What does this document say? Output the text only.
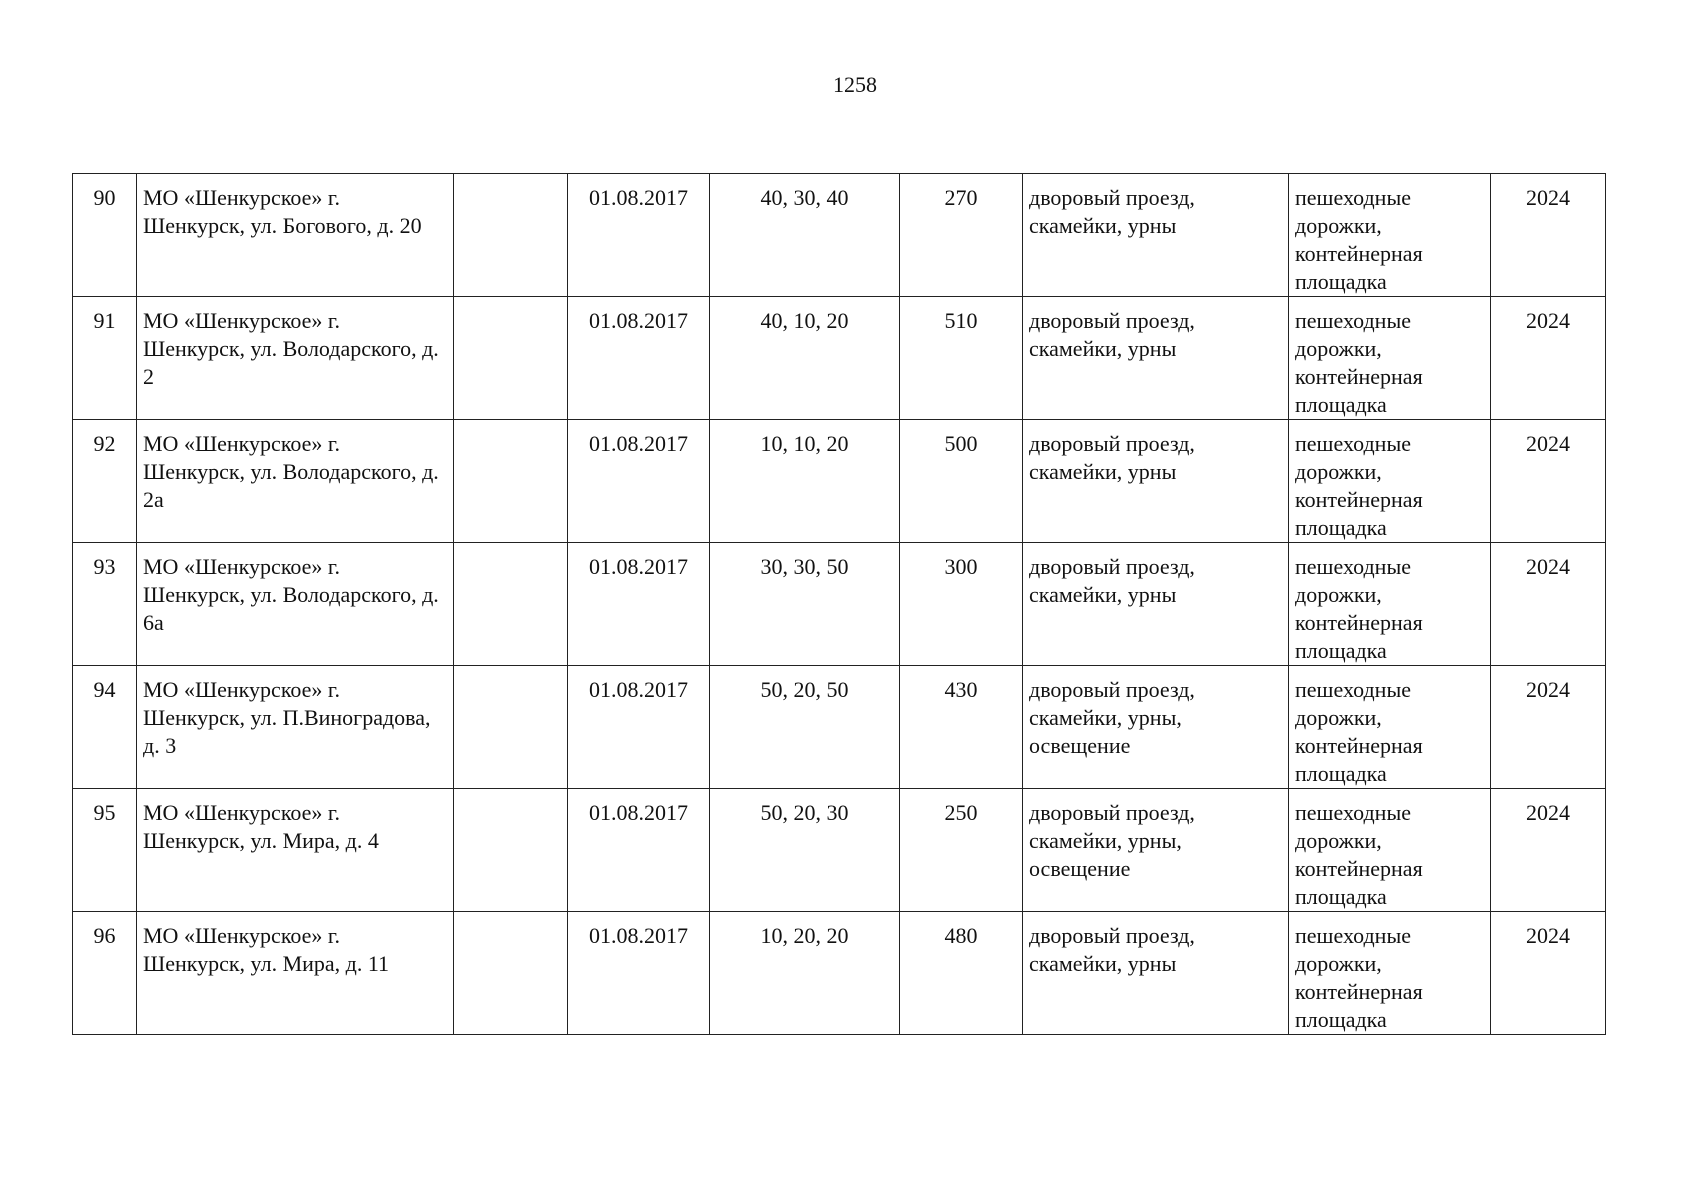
1258
90	МО «Шенкурское» г. Шенкурск, ул. Богового, д. 20		01.08.2017	40, 30, 40	270	дворовый проезд, скамейки, урны	пешеходные дорожки, контейнерная площадка	2024
91	МО «Шенкурское» г. Шенкурск, ул. Володарского, д. 2		01.08.2017	40, 10, 20	510	дворовый проезд, скамейки, урны	пешеходные дорожки, контейнерная площадка	2024
92	МО «Шенкурское» г. Шенкурск, ул. Володарского, д. 2а		01.08.2017	10, 10, 20	500	дворовый проезд, скамейки, урны	пешеходные дорожки, контейнерная площадка	2024
93	МО «Шенкурское» г. Шенкурск, ул. Володарского, д. 6а		01.08.2017	30, 30, 50	300	дворовый проезд, скамейки, урны	пешеходные дорожки, контейнерная площадка	2024
94	МО «Шенкурское» г. Шенкурск, ул. П.Виноградова, д. 3		01.08.2017	50, 20, 50	430	дворовый проезд, скамейки, урны, освещение	пешеходные дорожки, контейнерная площадка	2024
95	МО «Шенкурское» г. Шенкурск, ул. Мира, д. 4		01.08.2017	50, 20, 30	250	дворовый проезд, скамейки, урны, освещение	пешеходные дорожки, контейнерная площадка	2024
96	МО «Шенкурское» г. Шенкурск, ул. Мира, д. 11		01.08.2017	10, 20, 20	480	дворовый проезд, скамейки, урны	пешеходные дорожки, контейнерная площадка	2024
